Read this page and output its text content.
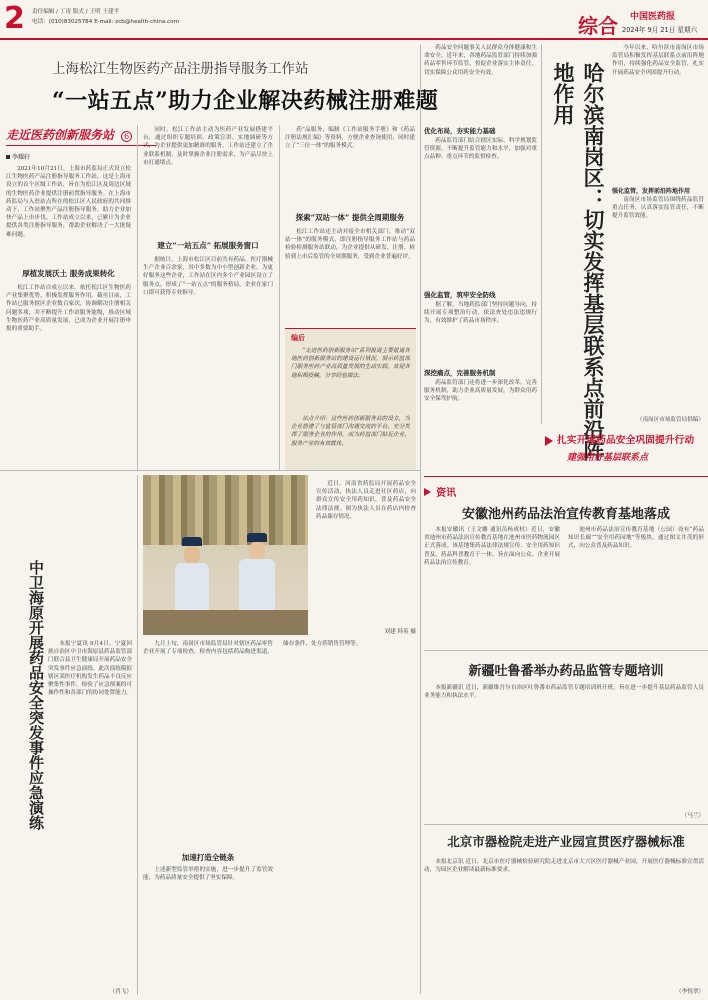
2 责任编辑 / 丁凌 版式 / 王明 王建平
电话：(010)83025784 E-mail: zcb@health-china.com	综合 中国医药报
2024年 9月 21日 星期六
上海松江生物医药产品注册指导服务工作站
“一站五点”助力企业解决药械注册难题
走近医药创新服务站 6
李耀轩
2021年10月21日，上海市药监局正式设立松江生物医药产品注册指导服务工作站，这是上海市设立的首个区级工作站，旨在为松江区及周边区域的生物医药企业提供注册前置指导服务。在上海市药监局与入驻站点所在的松江区人民政府的共同推动下，工作站聚焦产品注册指导服务，助力企业加快产品上市步伐。工作站成立以来，已累计为企业提供各类注册指导服务，帮助企业解决了一大批疑难问题。
厚植发展沃土 服务成果转化
松江工作站自成立以来，依托松江区生物医药产业集聚优势，积极发挥服务作用。截至目前，工作站已服务辖区企业数百家次，协调解决注册相关问题多项，并不断提升工作站服务能级，推动区域生物医药产业高质量发展，已成为企业开展注册申报的重要助手。
同时，松江工作站主动为医药产业发展搭建平台，通过组织专题培训、政策宣讲、实地调研等方式，为企业提供更加精准的服务。工作站还建立了企业联系机制，及时掌握企业注册需求，为产品尽快上市打通堵点。
建立“一站五点” 拓展服务窗口
据统计，上海市松江区目前共有药品、医疗器械生产企业百余家，其中多数为中小型创新企业。为更好服务这些企业，工作站在区内多个产业园区设立了服务点，形成了“一站五点”的服务格局，企业在家门口即可获得专业指导。
药”品服务，编制《工作站服务手册》和《药品注册法规汇编》等资料，方便企业查询使用，同时建立了“三位一体”的服务模式。
探索“双站一体” 提供全周期服务
松江工作站还主动对接全市相关部门，推动“双站一体”的服务模式，即注册指导服务工作站与药品检验检测服务站联动，为企业提供从研发、注册、检验到上市后监管的全周期服务，受到企业普遍好评。
编后
“走进医药创新服务站”系列报道主要报道各地医药创新服务站的建设运行情况，展示药监部门服务医药产业高质量发展的生动实践。欢迎各地积极投稿，分享经验做法。
站点介绍：这些医药创新服务站的设立，为企业搭建了与监管部门沟通交流的平台，充分发挥了服务企业的作用，成为药监部门贴近企业、服务产业的有效载体。
药品安全问题事关人民群众身体健康和生命安全。近年来，各地药品监管部门持续加强药品零售环节监管，督促企业落实主体责任，切实保障公众用药安全有效。
优化布局，夯实能力基础
药品监管部门结合辖区实际，科学规划监管资源，不断提升监管能力和水平，加强对重点品种、重点环节的监督检查。
强化监管，筑牢安全防线
据了解，当地药监部门坚持问题导向，持续开展专项整治行动，依法查处违法违规行为，有效维护了药品市场秩序。
深挖痛点，完善服务机制
药品监管部门还将进一步深化改革，完善服务机制，助力企业高质量发展，为群众用药安全保驾护航。	哈尔滨南岗区：切实发挥基层联系点前沿阵地作用
今年以来，哈尔滨市南岗区市场监管局积极发挥基层联系点前沿阵地作用，持续强化药品安全监管，扎实开展药品安全巩固提升行动。
强化监管，发挥前沿阵地作用
南岗区市场监管局围绕药品监管重点任务，认真落实监管责任，不断提升监管效能。
（南岗区市场监管局供稿）
扎实开展药品安全巩固提升行动
建强用好基层联系点
近日，河南省药监局开展药品安全宣传活动，执法人员走进社区药店，向群众宣传安全用药知识，普及药品安全法律法规。图为执法人员在药店内检查药品储存情况。
刘建 韩英 摄
资讯
安徽池州药品法治宣传教育基地落成
本报安徽讯（王文雕 通讯员杨成权）近日，安徽省池州市药品法治宣传教育基地在池州市医药物流园区正式落成。该基地集药品法律法规宣传、安全用药知识普及、药品科普教育于一体，旨在面向公众、企业开展药品法治宣传教育。
池州市药品法治宣传教育基地（公园）设有“药品知识长廊”“安全用药园地”等板块，通过图文并茂的形式，向公众普及药品知识。
新疆吐鲁番举办药品监管专题培训
本报新疆讯 近日，新疆维吾尔自治区吐鲁番市药品监管专题培训班开班，旨在进一步提升基层药品监管人员业务能力和执法水平。
（马兰）
北京市器检院走进产业园宣贯医疗器械标准
本报北京讯 近日，北京市医疗器械检验研究院走进北京市大兴区医疗器械产业园，开展医疗器械标准宣贯活动，为园区企业解读最新标准要求。
（李悦翠）
中卫海原开展药品安全突发事件应急演练	本报宁夏讯 9月4日，宁夏回族自治区中卫市海原县药品监管部门联合县卫生健康局开展药品安全突发事件应急演练。此次演练模拟辖区某医疗机构发生药品不良反应聚集性事件，检验了应急预案的可操作性和各部门的协同处置能力。
（肖飞）
九月上旬，南岗区市场监管局针对辖区药品零售企业开展了专项检查，检查内容包括药品购进渠道、储存条件、处方药销售管理等。
加速打造全链条
上述新型监管举措的实施，进一步提升了监管效能，为药品质量安全提供了坚实保障。
